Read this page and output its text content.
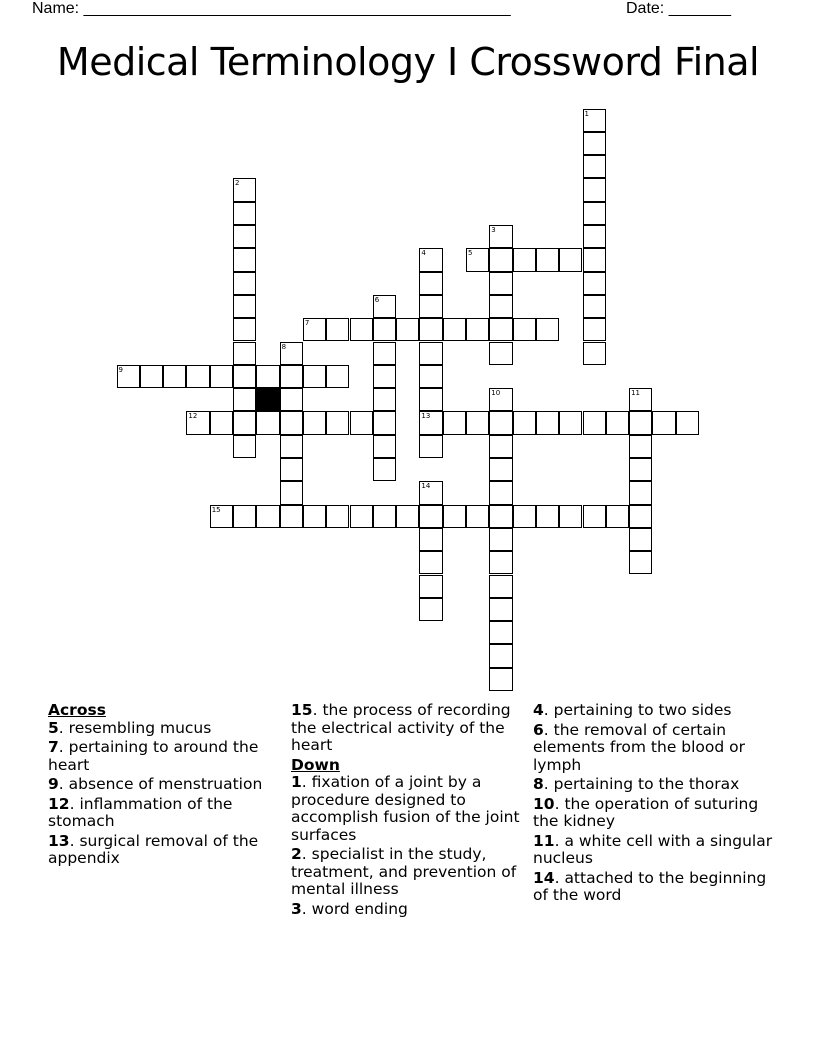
Name: ________________________________________________	Date: _______
Medical Terminology I Crossword Final
1
2
3
4
13
5
6
7
8
9
10	11
12
14
15
Across
5. resembling mucus
7. pertaining to around the heart
9. absence of menstruation
12. inflammation of the stomach
13. surgical removal of the appendix
15. the process of recording the electrical activity of the heart
Down
1. fixation of a joint by a procedure designed to accomplish fusion of the joint surfaces
2. specialist in the study, treatment, and prevention of mental illness
3. word ending
4. pertaining to two sides
6. the removal of certain elements from the blood or lymph
8. pertaining to the thorax
10. the operation of suturing the kidney
11. a white cell with a singular nucleus
14. attached to the beginning of the word
